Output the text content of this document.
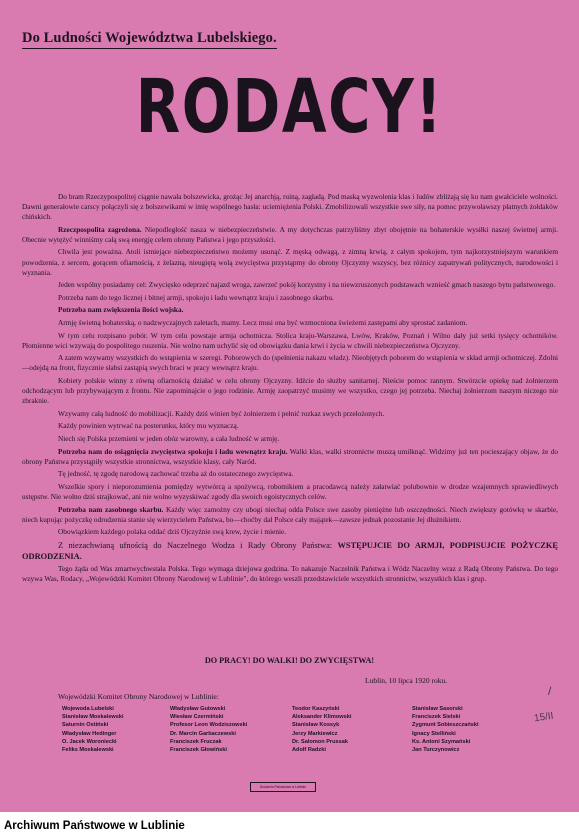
Do Ludności Województwa Lubelskiego.
RODACY!

Do bram Rzeczypospolitej ciągnie nawała bolszewicka, grożąc Jej anarchją, ruiną, zagładą. Pod maską wyzwolenia klas i ludów zbliżają się ku nam gwałciciele wolności. Dawni generałowie carscy połączyli się z bolszewikami w imię wspólnego hasła: uciemiężenia Polski. Zmobilizowali wszystkie swe siły, na pomoc przywoławszy płatnych żołdaków chińskich.

Rzeczpospolita zagrożona. Niepodległość nasza w niebezpieczeństwie. A my dotychczas patrzyliśmy zbyt obojętnie na bohaterskie wysiłki naszej świetnej armji. Obecnie wytężyć winniśmy całą swą energję celem obrony Państwa i jego przyszłości.

Chwila jest poważna. Atoli istniejące niebezpieczeństwo możemy usunąć. Z męską odwagą, z zimną krwią, z całym spokojem, tym najkorzystniejszym warunkiem powodzenia, z sercem, gorącem ofiarnością, z żelazną, nieugiętą wolą zwycięstwa przystąpmy do obrony Ojczyzny wszyscy, bez różnicy zapatrywań politycznych, narodowości i wyznania.

Jeden wspólny posiadamy cel: Zwycięsko odeprzeć najazd wroga, zawrzeć pokój korzystny i na niewzruszonych podstawach wznieść gmach naszego bytu państwowego.

Potrzeba nam do tego licznej i bitnej armji, spokoju i ładu wewnątrz kraju i zasobnego skarbu.

Potrzeba nam zwiększenia ilości wojska.

Armję świetną bohaterską, o nadzwyczajnych zaletach, mamy. Lecz musi ona być wzmocniona świeżemi zastępami aby sprostać zadaniom.

W tym celu rozpisano pobór. W tym celu powstaje armja ochotnicza. Stolica kraju-Warszawa, Lwów, Kraków, Poznań i Wilno dały już setki tysięcy ochotników. Płomienne wici wzywają do pospolitego ruszenia. Nie wolno nam uchylić się od obowiązku dania krwi i życia w chwili niebezpieczeństwa Ojczyzny.

A zatem wzywamy wszystkich do wstąpienia w szeregi. Poborowych do (spełnienia nakazu władz). Nieobjętych poborem do wstąpienia w skład armji ochotniczej. Zdolni—odejdą na front, fizycznie słabsi zastąpią swych braci w pracy wewnątrz kraju.

Kobiety polskie winny z równą ofiarnością działać w celu obrony Ojczyzny. Idźcie do służby sanitarnej. Nieście pomoc rannym. Stwórzcie opiekę nad żołnierzem odchodzącym lub przybywającym z frontu. Nie zapominajcie o jego rodzinie. Armję zaopatrzyć musimy we wszystko, czego jej potrzeba. Niechaj żołnierzom naszym niczego nie zbraknie.

Wzywamy całą ludność do mobilizacji. Każdy dziś winien być żołnierzem i pełnić rozkaz swych przełożonych.

Każdy powinien wytrwać na posterunku, który mu wyznaczą.

Niech się Polska przemieni w jeden obóz warowny, a cała ludność w armję.

Potrzeba nam do osiągnięcia zwycięstwa spokoju i ładu wewnątrz kraju. Walki klas, walki stronnictw muszą umilknąć. Widzimy już ten pocieszający objaw, że do obrony Państwa przystąpiły wszystkie stronnictwa, wszystkie klasy, cały Naród.

Tę jedność, tę zgodę narodową zachować trzeba aż do ostatecznego zwycięstwa.

Wszelkie spory i nieporozumienia pomiędzy wytwórcą a spożywcą, robotnikiem a pracodawcą należy załatwiać polubownie w drodze wzajemnych sprawiedliwych ustępstw. Nie wolno dziś strajkować, ani nie wolno wyzyskiwać zgody dla swoich egoistycznych celów.

Potrzeba nam zasobnego skarbu. Każdy więc zamożny czy ubogi niechaj odda Polsce swe zasoby pieniężne lub oszczędności. Niech zwiększy gotówkę w skarbie, niech kupując pożyczkę odrodzenia stanie się wierzycielem Państwa, bo—choćby dał Polsce cały majątek—zawsze jednak pozostanie Jej dłużnikiem.

Obowiązkiem każdego polaka oddać dziś Ojczyźnie swą krew, życie i mienie.

Z niezachwianą ufnością do Naczelnego Wodza i Rady Obrony Państwa: WSTĘPUJCIE DO ARMJI, PODPISUJCIE POŻYCZKĘ ODRODZENIA.

Tego żąda od Was zmartwychwstała Polska. Tego wymaga dziejowa godzina. To nakazuje Naczelnik Państwa i Wódz Naczelny wraz z Radą Obrony Państwa. Do tego wzywa Was, Rodacy, „Wojewódzki Komitet Obrony Narodowej w Lublinie", do którego weszli przedstawiciele wszystkich stronnictw, wszystkich klas i grup.

DO PRACY! DO WALKI! DO ZWYCIĘSTWA!
Lublin, 10 lipca 1920 roku.
Wojewódzki Komitet Obrony Narodowej w Lublinie:
Wojewoda Lubelski	Władysław Gutowski	Teodor Kaszyński	Stanisław Sasorski
Stanisław Moskalewski	Wiesław Czermiński	Aleksander Klimowski	Franciszek Sielski
Saturnin Ostiński	Profesor Leon Wodziszowski	Stanisław Kossyk	Zygmunt Sobieszczański
Władysław Hedinger	Dr. Marcin Garbaczewski	Jerzy Markiewicz	Ignacy Stelliński
O. Jacek Woroniecki	Franciszek Fruczak	Dr. Salomon Prussak	Ks. Antoni Szymański
Feliks Moskalewski	Franciszek Głowiński	Adolf Radzki	Jan Turczynowicz
Drukarnia Państwowa w Lublinie
/
15/II
Archiwum Państwowe w Lublinie
